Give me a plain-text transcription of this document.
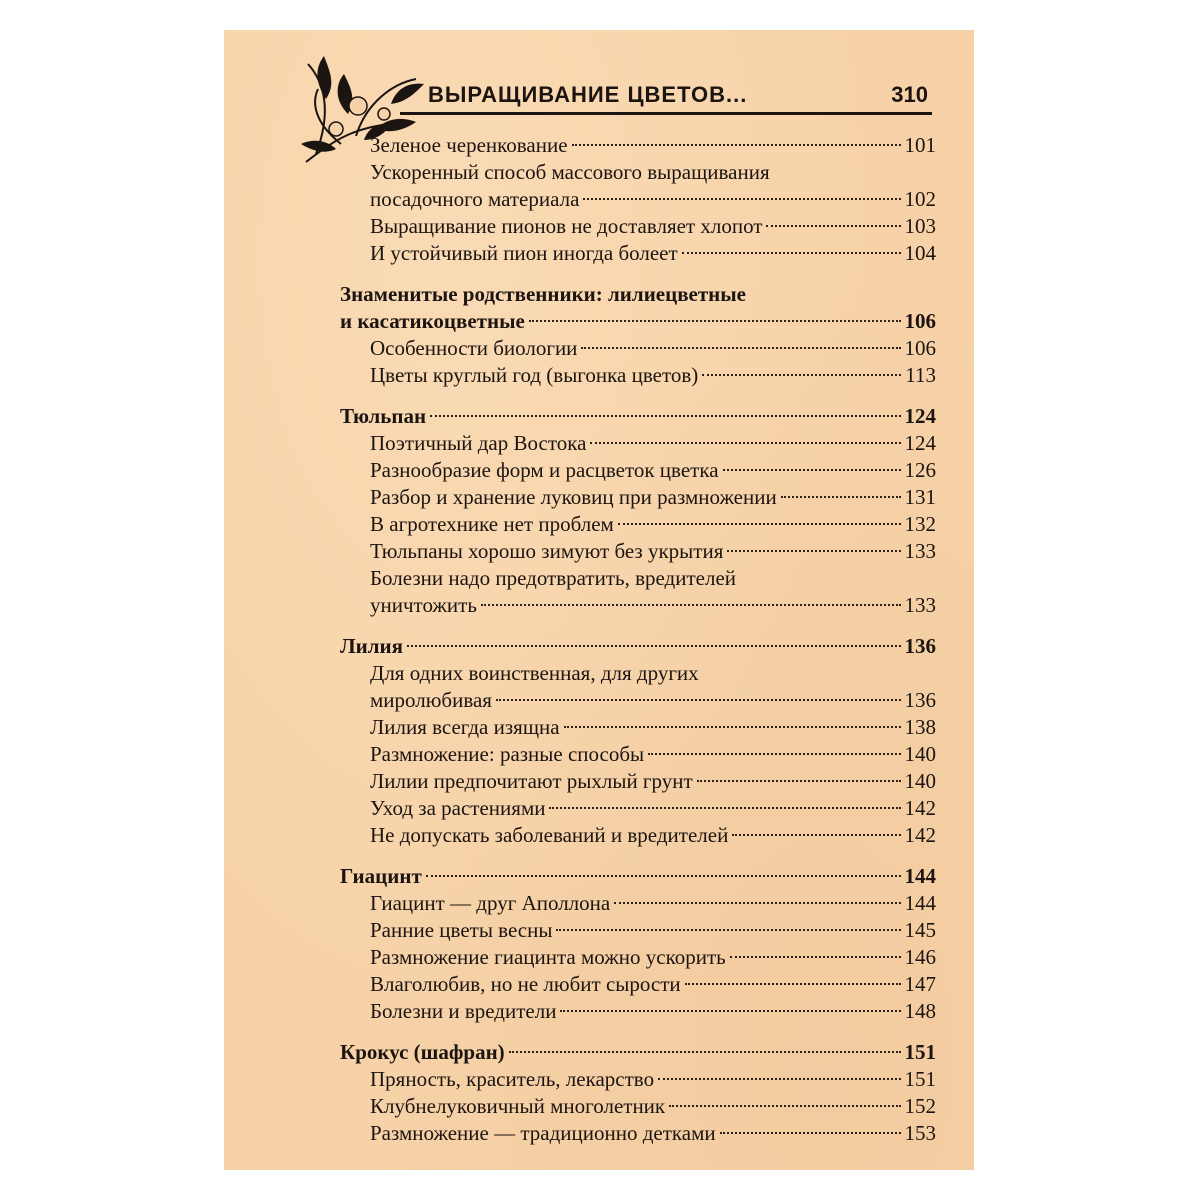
ВЫРАЩИВАНИЕ ЦВЕТОВ...	310
Зеленое черенкование	101
Ускоренный способ массового выращивания
посадочного материала	102
Выращивание пионов не доставляет хлопот	103
И устойчивый пион иногда болеет	104
Знаменитые родственники: лилиецветные
и касатикоцветные	106
Особенности биологии	106
Цветы круглый год (выгонка цветов)	113
Тюльпан	124
Поэтичный дар Востока	124
Разнообразие форм и расцветок цветка	126
Разбор и хранение луковиц при размножении	131
В агротехнике нет проблем	132
Тюльпаны хорошо зимуют без укрытия	133
Болезни надо предотвратить, вредителей
уничтожить	133
Лилия	136
Для одних воинственная, для других
миролюбивая	136
Лилия всегда изящна	138
Размножение: разные способы	140
Лилии предпочитают рыхлый грунт	140
Уход за растениями	142
Не допускать заболеваний и вредителей	142
Гиацинт	144
Гиацинт — друг Аполлона	144
Ранние цветы весны	145
Размножение гиацинта можно ускорить	146
Влаголюбив, но не любит сырости	147
Болезни и вредители	148
Крокус (шафран)	151
Пряность, краситель, лекарство	151
Клубнелуковичный многолетник	152
Размножение — традиционно детками	153
